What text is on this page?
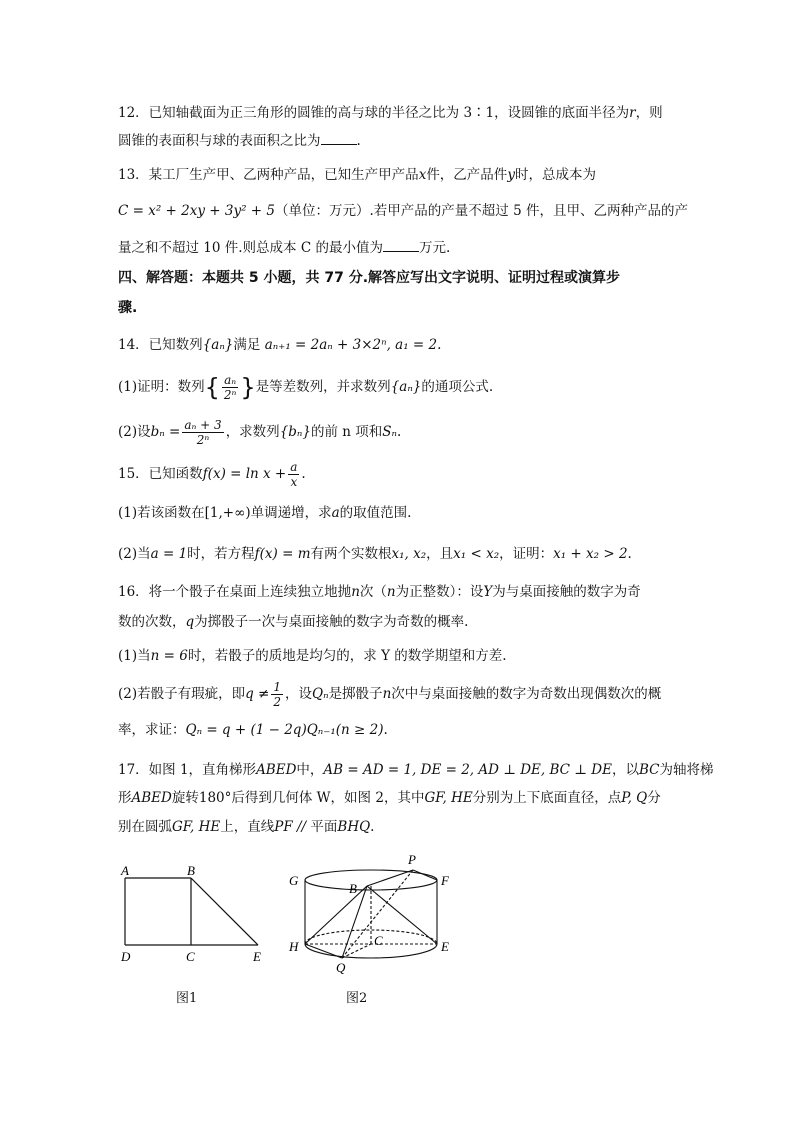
12．已知轴截面为正三角形的圆锥的高与球的半径之比为 3∶1，设圆锥的底面半径为r，则
圆锥的表面积与球的表面积之比为	.
13．某工厂生产甲、乙两种产品，已知生产甲产品x件，乙产品件y时，总成本为
C = x² + 2xy + 3y² + 5（单位：万元）.若甲产品的产量不超过 5 件，且甲、乙两种产品的产
量之和不超过 10 件.则总成本 C 的最小值为	万元.
四、解答题：本题共 5 小题，共 77 分.解答应写出文字说明、证明过程或演算步
骤.
14．已知数列{aₙ}满足 aₙ₊₁ = 2aₙ + 3×2ⁿ, a₁ = 2.
(1)证明：数列{ $\frac{\text{aₙ}}{\text{2ⁿ}}$ }是等差数列，并求数列{aₙ}的通项公式.
(2)设$b_n = \frac{\text{aₙ + 3}}{\text{2ⁿ}}$ ，求数列{bₙ}的前 n 项和Sₙ.
15．已知函数$f(x) = \ln x + \frac{a}{x}$ .
(1)若该函数在[1,+∞)单调递增，求a的取值范围.
(2)当a = 1时，若方程f(x) = m有两个实数根x₁, x₂，且x₁ < x₂，证明：x₁ + x₂ > 2.
16．将一个骰子在桌面上连续独立地抛n次（n为正整数）：设Y为与桌面接触的数字为奇
数的次数，q为掷骰子一次与桌面接触的数字为奇数的概率.
(1)当n = 6时，若骰子的质地是均匀的，求 Y 的数学期望和方差.
(2)若骰子有瑕疵，即$q \ne \frac{1}{2}$ ，设Qₙ是掷骰子n次中与桌面接触的数字为奇数出现偶数次的概
率，求证：Qₙ = q + (1 − 2q)Qₙ₋₁(n ≥ 2).
17．如图 1，直角梯形ABED中，AB = AD = 1, DE = 2, AD ⊥ DE, BC ⊥ DE，以BC为轴将梯
形ABED旋转180°后得到几何体 W，如图 2，其中GF, HE分别为上下底面直径，点P, Q分
别在圆弧GF, HE上，直线PF // 平面BHQ.
A	B
C
D	E
图1
P
G	F
B
C
H	E
Q
图2
